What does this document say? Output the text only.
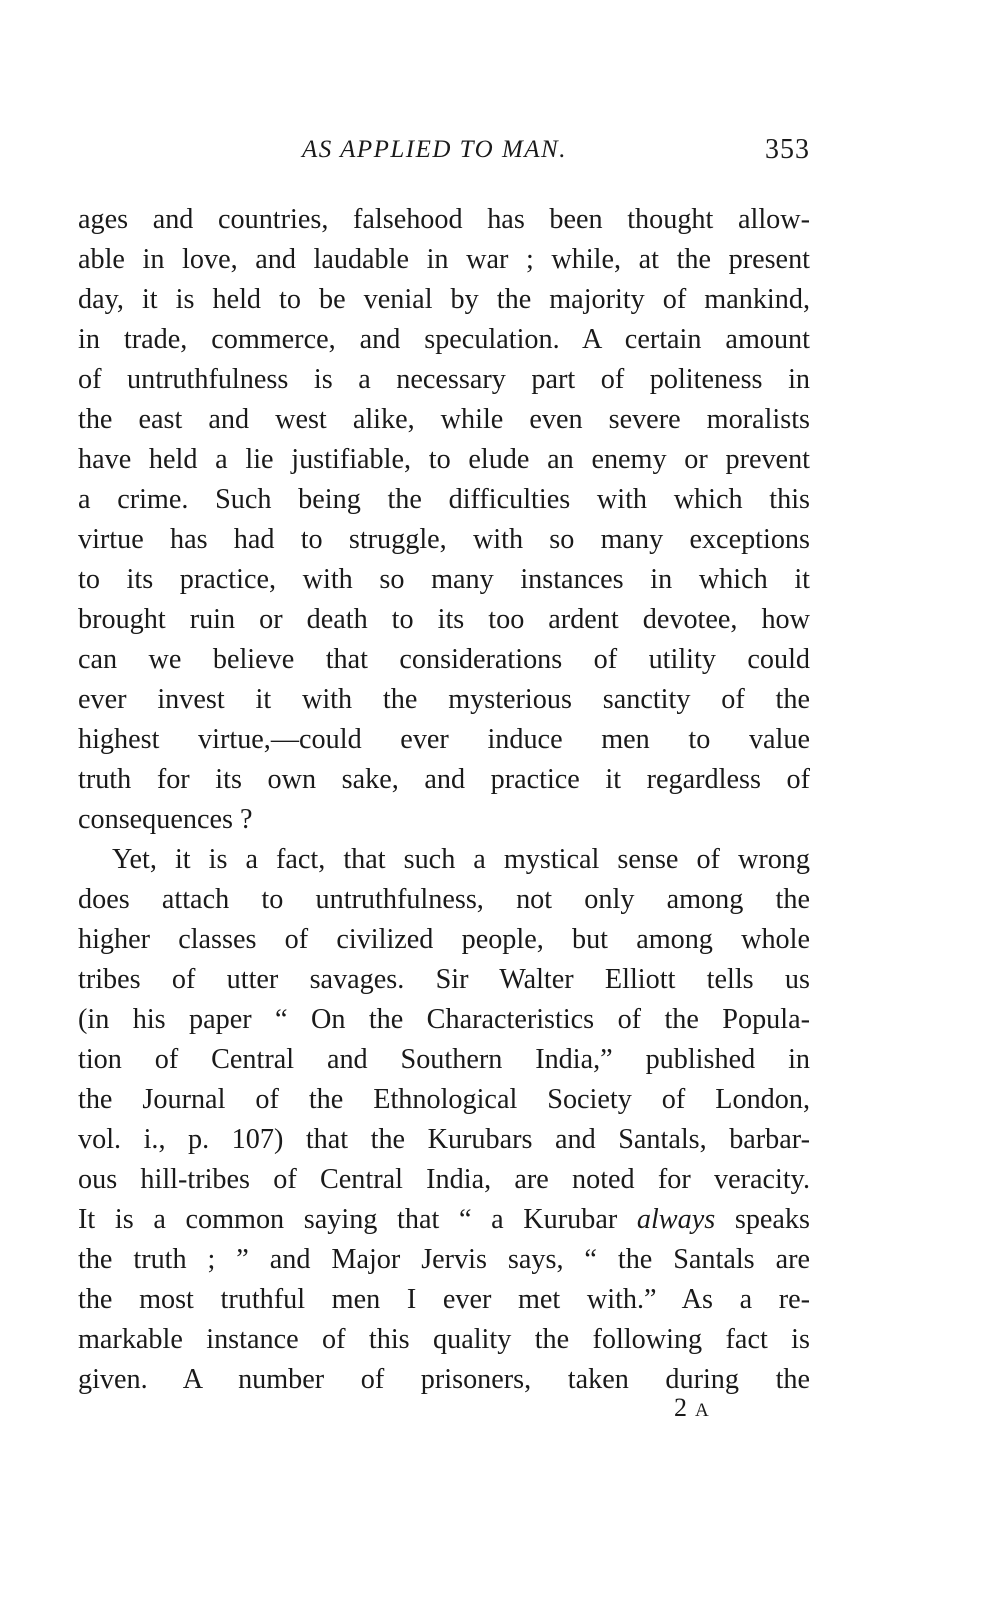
AS APPLIED TO MAN.	353
ages and countries, falsehood has been thought allow-
able in love, and laudable in war ; while, at the present
day, it is held to be venial by the majority of mankind,
in trade, commerce, and speculation. A certain amount
of untruthfulness is a necessary part of politeness in
the east and west alike, while even severe moralists
have held a lie justifiable, to elude an enemy or prevent
a crime. Such being the difficulties with which this
virtue has had to struggle, with so many exceptions
to its practice, with so many instances in which it
brought ruin or death to its too ardent devotee, how
can we believe that considerations of utility could
ever invest it with the mysterious sanctity of the
highest virtue,—could ever induce men to value
truth for its own sake, and practice it regardless of
consequences ?
Yet, it is a fact, that such a mystical sense of wrong
does attach to untruthfulness, not only among the
higher classes of civilized people, but among whole
tribes of utter savages. Sir Walter Elliott tells us
(in his paper “ On the Characteristics of the Popula-
tion of Central and Southern India,” published in
the Journal of the Ethnological Society of London,
vol. i., p. 107) that the Kurubars and Santals, barbar-
ous hill-tribes of Central India, are noted for veracity.
It is a common saying that “ a Kurubar always speaks
the truth ; ” and Major Jervis says, “ the Santals are
the most truthful men I ever met with.” As a re-
markable instance of this quality the following fact is
given. A number of prisoners, taken during the
2 A
